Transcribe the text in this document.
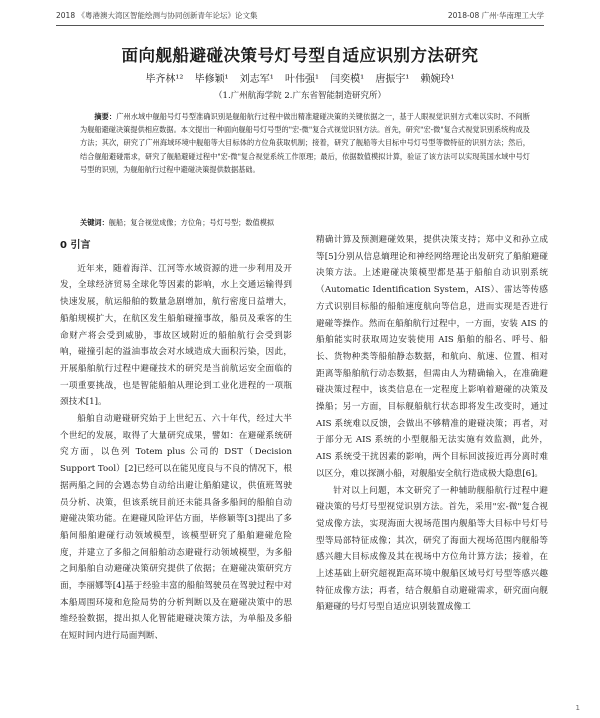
2018 《粤港澳大湾区智能绘测与协同创新青年论坛》论文集	2018-08 广州·华南理工大学
面向舰船避碰决策号灯号型自适应识别方法研究
毕齐林¹² 毕修颖¹ 刘志军¹ 叶伟强¹ 闫奕模¹ 唐振宇¹ 赖婉玲¹
（1.广州航海学院 2.广东省智能制造研究所）
摘要：广州水域中舰船号灯号型准确识别是舰船航行过程中做出精准避碰决策的关键依据之一，基于人眼视觉识别方式难以实时、不间断为舰船避碰决策提供相应数据。本文提出一种面向舰船号灯号型的"宏-微"复合式视觉识别方法。首先，研究"宏-微"复合式视觉识别系统构成及方法；其次，研究了广州海域环境中舰船等大目标体的方位角获取机制；接着，研究了舰船等大目标中号灯号型等微特征的识别方法；然后，结合舰船避碰需求，研究了舰船避碰过程中"宏-微"复合视觉系统工作原理；最后，依据数值模拟计算，验证了该方法可以实现英国水域中号灯号型的识别，为舰船航行过程中避碰决策提供数据基础。
关键词：舰船；复合视觉成像；方位角；号灯号型；数值模拟
0 引言

近年来，随着海洋、江河等水域资源的进一步利用及开发，全球经济贸易全球化等因素的影响，水上交通运输得到快速发展，航运船舶的数量急剧增加，航行密度日益增大，船舶规模扩大，在航区发生船舶碰撞事故，船员及乘客的生命财产将会受到威胁，事故区域附近的船舶航行会受到影响，碰撞引起的溢油事故会对水域造成大面积污染，因此，开展船舶航行过程中避碰技术的研究是当前航运安全面临的一项重要挑战，也是智能船舶从理论到工业化进程的一项瓶颈技术[1]。

船舶自动避碰研究始于上世纪五、六十年代，经过大半个世纪的发展，取得了大量研究成果，譬如：在避碰系统研究方面，以色列 Totem plus 公司的 DST（Decision Support Tool）[2]已经可以在能见度良与不良的情况下，根据两船之间的会遇态势自动给出避让船舶建议，供值班驾驶员分析、决策，但该系统目前还未能具备多船间的船舶自动避碰决策功能。在避碰风险评估方面，毕修颖等[3]提出了多船间船舶避碰行动领域模型，该模型研究了船舶避碰危险度，并建立了多船之间船舶动态避碰行动领域模型，为多船之间船舶自动避碰决策研究提供了依据；在避碰决策研究方面，李丽娜等[4]基于经验丰富的船舶驾驶员在驾驶过程中对本船周围环境和危险局势的分析判断以及在避碰决策中的思维经验数据，提出拟人化智能避碰决策方法，为单船及多船在短时间内进行局面判断、

精确计算及预测避碰效果，提供决策支持；郑中义和孙立成等[5]分别从信息熵理论和神经网络理论出发研究了船舶避碰决策方法。上述避碰决策模型都是基于船舶自动识别系统（Automatic Identification System，AIS）、雷达等传感方式识别目标船的船舶速度航向等信息，进而实现是否进行避碰等操作。然而在船舶航行过程中，一方面，安装 AIS 的船舶能实时获取周边安装使用 AIS 船舶的船名、呼号、船长、货物种类等船舶静态数据，和航向、航速、位置、相对距离等船舶航行动态数据，但需由人为精确输入，在准确避碰决策过程中，该类信息在一定程度上影响着避碰的决策及操船；另一方面，目标舰船航行状态即将发生改变时，通过 AIS 系统难以反馈，会做出不够精准的避碰决策；再者，对于部分无 AIS 系统的小型舰船无法实施有效监测，此外，AIS 系统受干扰因素的影响，两个目标回波接近再分离时难以区分，难以探测小船，对舰船安全航行造成极大隐患[6]。

针对以上问题，本文研究了一种辅助舰船航行过程中避碰决策的号灯号型视觉识别方法。首先，采用"宏-微"复合视觉成像方法，实现海面大视场范围内舰船等大目标中号灯号型等局部特征成像；其次，研究了海面大视场范围内舰船等感兴趣大目标成像及其在视场中方位角计算方法；接着，在上述基础上研究超视距高环境中舰船区域号灯号型等感兴趣特征成像方法；再者，结合舰船自动避碰需求，研究面向舰船避碰的号灯号型自适应识别装置成像工

1
